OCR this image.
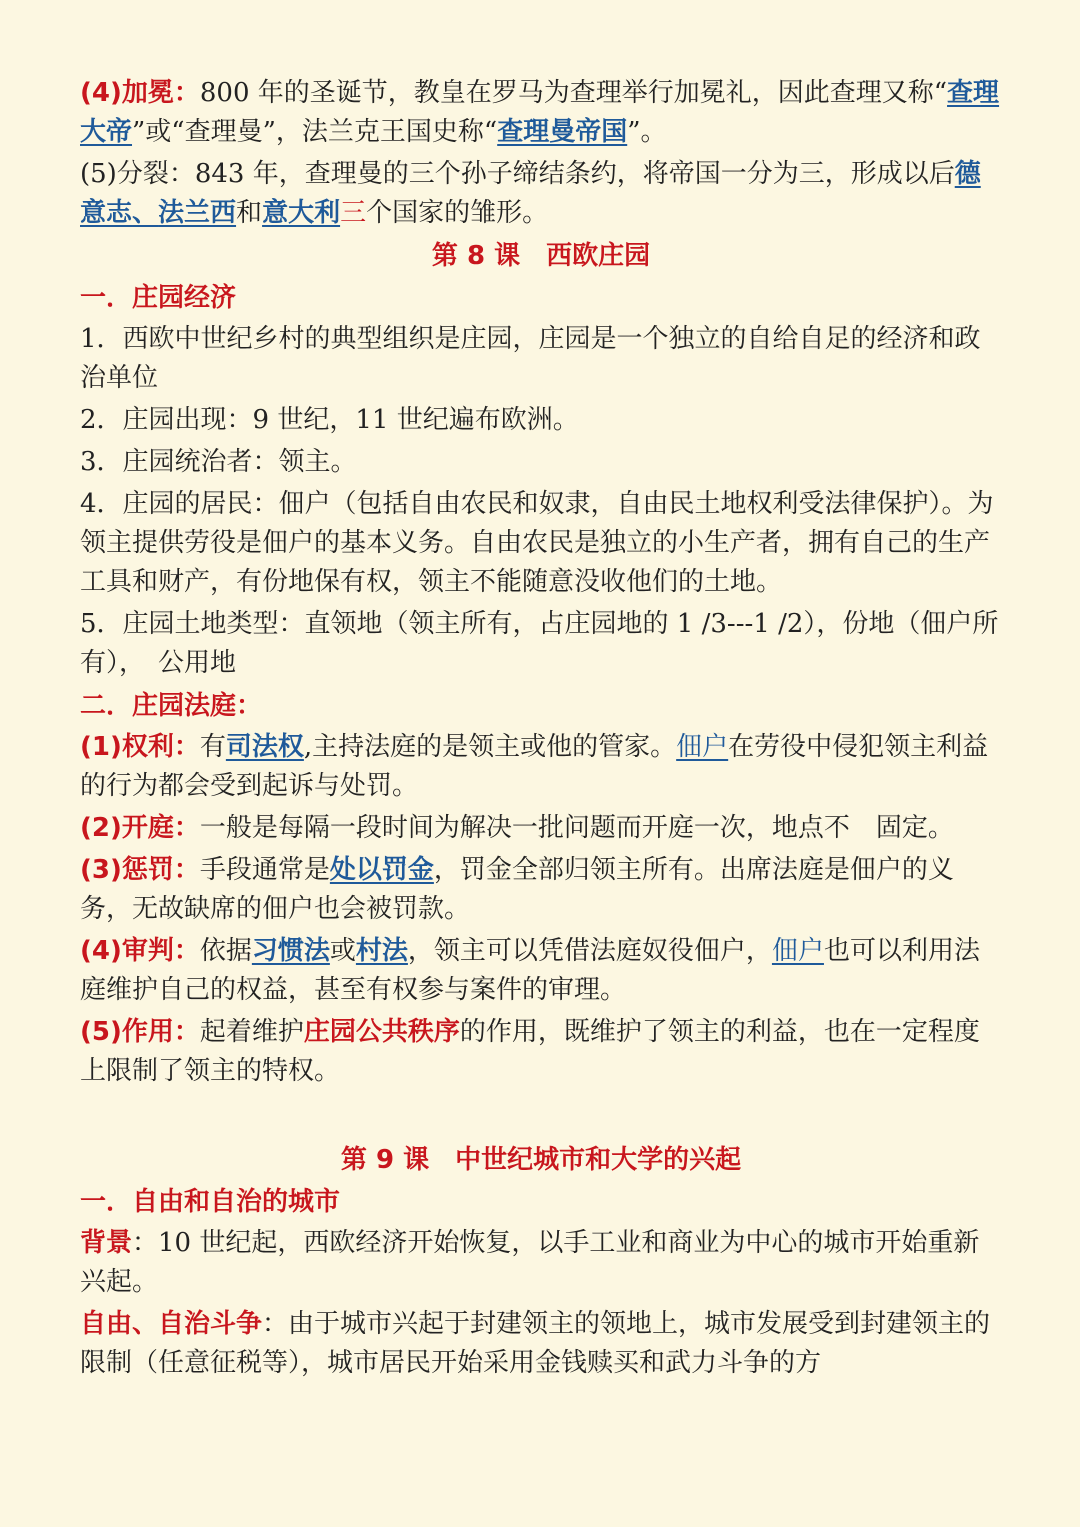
(4)加冕：800 年的圣诞节，教皇在罗马为查理举行加冕礼，因此查理又称“查理大帝”或“查理曼”，法兰克王国史称“查理曼帝国”。

(5)分裂：843 年，查理曼的三个孙子缔结条约，将帝国一分为三，形成以后德意志、法兰西和意大利三个国家的雏形。

第 8 课　西欧庄园
一．庄园经济

1．西欧中世纪乡村的典型组织是庄园，庄园是一个独立的自给自足的经济和政治单位

2．庄园出现：9 世纪，11 世纪遍布欧洲。

3．庄园统治者：领主。

4．庄园的居民：佃户（包括自由农民和奴隶，自由民土地权利受法律保护）。为领主提供劳役是佃户的基本义务。自由农民是独立的小生产者，拥有自己的生产工具和财产，有份地保有权，领主不能随意没收他们的土地。

5．庄园土地类型：直领地（领主所有，占庄园地的 1 /3---1 /2），份地（佃户所有），　公用地

二．庄园法庭：

(1)权利：有司法权,主持法庭的是领主或他的管家。佃户在劳役中侵犯领主利益的行为都会受到起诉与处罚。

(2)开庭：一般是每隔一段时间为解决一批问题而开庭一次，地点不　固定。

(3)惩罚：手段通常是处以罚金，罚金全部归领主所有。出席法庭是佃户的义务，无故缺席的佃户也会被罚款。

(4)审判：依据习惯法或村法，领主可以凭借法庭奴役佃户，佃户也可以利用法庭维护自己的权益，甚至有权参与案件的审理。

(5)作用：起着维护庄园公共秩序的作用，既维护了领主的利益，也在一定程度上限制了领主的特权。

第 9 课　中世纪城市和大学的兴起
一．自由和自治的城市

背景：10 世纪起，西欧经济开始恢复，以手工业和商业为中心的城市开始重新兴起。

自由、自治斗争：由于城市兴起于封建领主的领地上，城市发展受到封建领主的限制（任意征税等），城市居民开始采用金钱赎买和武力斗争的方
